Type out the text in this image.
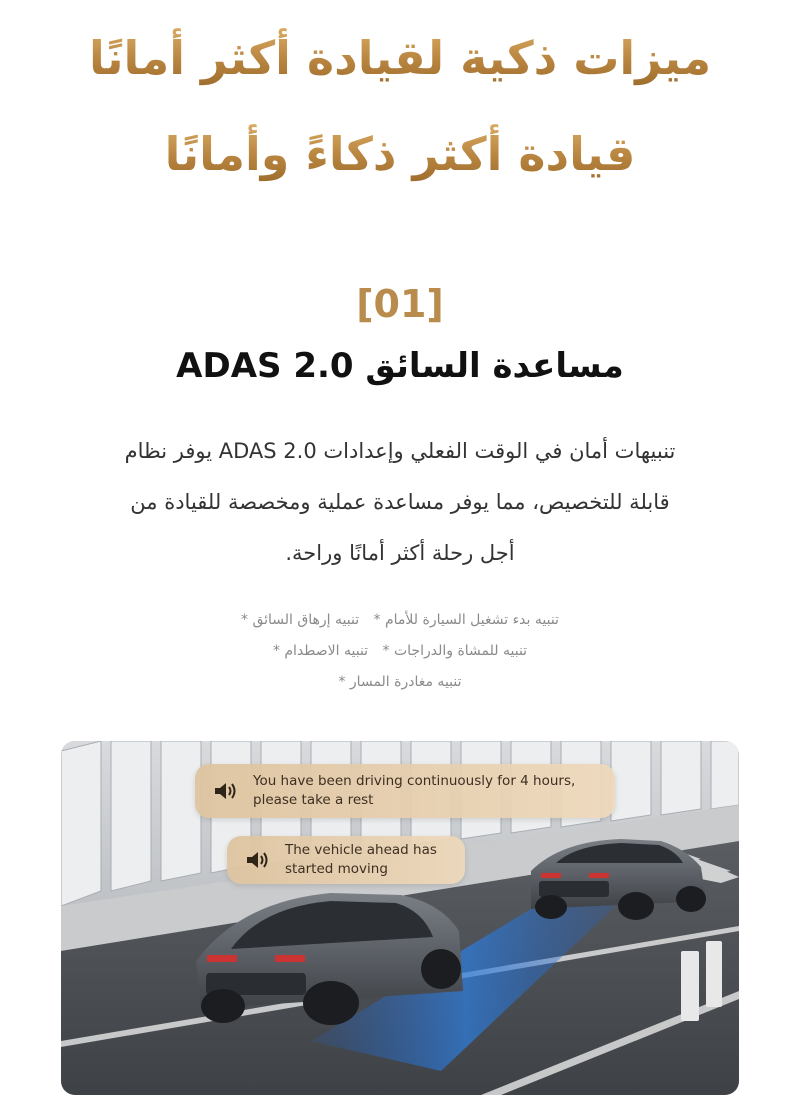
ميزات ذكية لقيادة أكثر أمانًا
قيادة أكثر ذكاءً وأمانًا
[01]
ADAS 2.0 مساعدة السائق
تنبيهات أمان في الوقت الفعلي وإعدادات ADAS 2.0 يوفر نظام
قابلة للتخصيص، مما يوفر مساعدة عملية ومخصصة للقيادة من
أجل رحلة أكثر أمانًا وراحة.
تنبيه بدء تشغيل السيارة للأمام * تنبيه إرهاق السائق *
تنبيه للمشاة والدراجات * تنبيه الاصطدام *
تنبيه مغادرة المسار *
You have been driving continuously for 4 hours,
please take a rest
The vehicle ahead has
started moving
